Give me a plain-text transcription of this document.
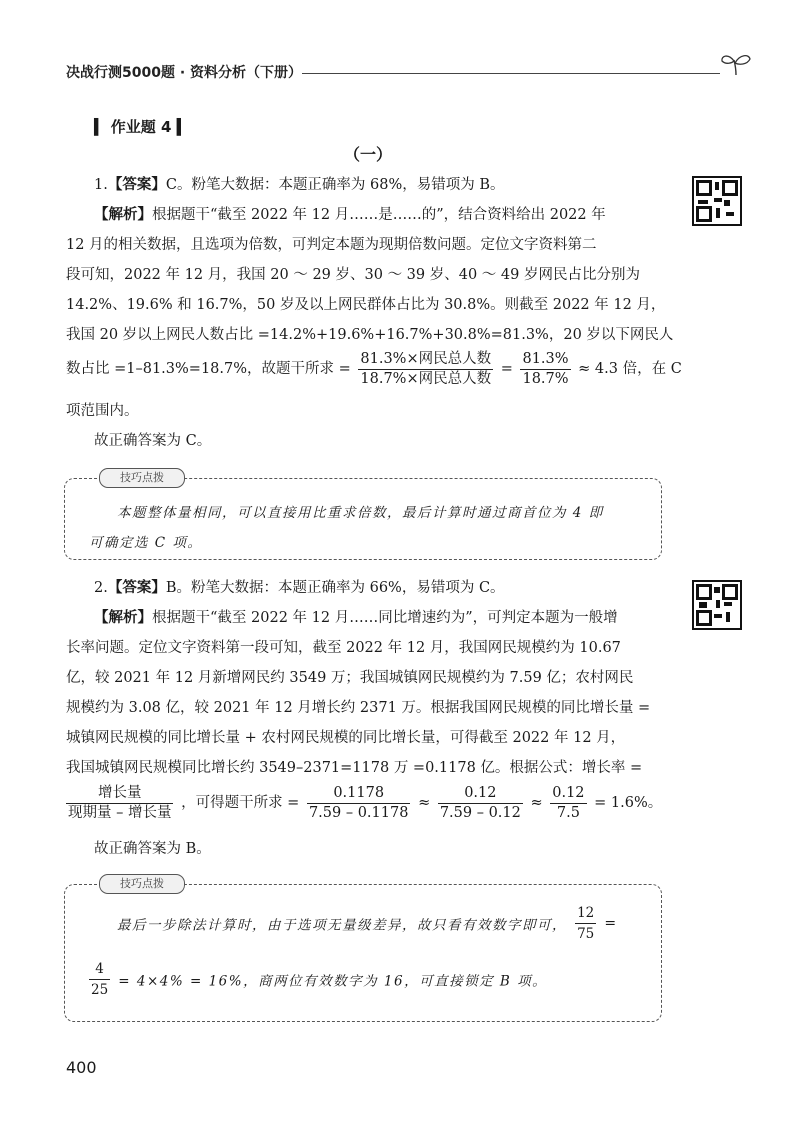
决战行测5000题 · 资料分析（下册）
▍ 作业题 4 ▍
（一）
1.【答案】C。粉笔大数据：本题正确率为 68%，易错项为 B。
【解析】根据题干“截至 2022 年 12 月……是……的”，结合资料给出 2022 年
12 月的相关数据，且选项为倍数，可判定本题为现期倍数问题。定位文字资料第二
段可知，2022 年 12 月，我国 20 ～ 29 岁、30 ～ 39 岁、40 ～ 49 岁网民占比分别为
14.2%、19.6% 和 16.7%，50 岁及以上网民群体占比为 30.8%。则截至 2022 年 12 月，
我国 20 岁以上网民人数占比 =14.2%+19.6%+16.7%+30.8%=81.3%，20 岁以下网民人
数占比 =1–81.3%=18.7%，故题干所求 = $\frac{\text{81.3\%×网民总人数}}{\text{18.7\%×网民总人数}} = \frac{81.3\%}{18.7\%} \approx 4.3$ 倍，在 C
项范围内。
故正确答案为 C。
技巧点拨
本题整体量相同，可以直接用比重求倍数，最后计算时通过商首位为 4 即
可确定选 C 项。
2.【答案】B。粉笔大数据：本题正确率为 66%，易错项为 C。
【解析】根据题干“截至 2022 年 12 月……同比增速约为”，可判定本题为一般增
长率问题。定位文字资料第一段可知，截至 2022 年 12 月，我国网民规模约为 10.67
亿，较 2021 年 12 月新增网民约 3549 万；我国城镇网民规模约为 7.59 亿；农村网民
规模约为 3.08 亿，较 2021 年 12 月增长约 2371 万。根据我国网民规模的同比增长量 =
城镇网民规模的同比增长量 + 农村网民规模的同比增长量，可得截至 2022 年 12 月，
我国城镇网民规模同比增长约 3549–2371=1178 万 =0.1178 亿。根据公式：增长率 =
$\frac{\text{增长量}}{\text{现期量 – 增长量}}$ ，可得题干所求 = $\frac{0.1178}{7.59 - 0.1178} \approx \frac{0.12}{7.59 - 0.12} \approx \frac{0.12}{7.5} = 1.6\%$。
故正确答案为 B。
技巧点拨
最后一步除法计算时，由于选项无量级差异，故只看有效数字即可， $\frac{12}{75}$ =
$\frac{4}{25} = 4\times 4\% = 16\%$，商两位有效数字为 16，可直接锁定 B 项。
400
